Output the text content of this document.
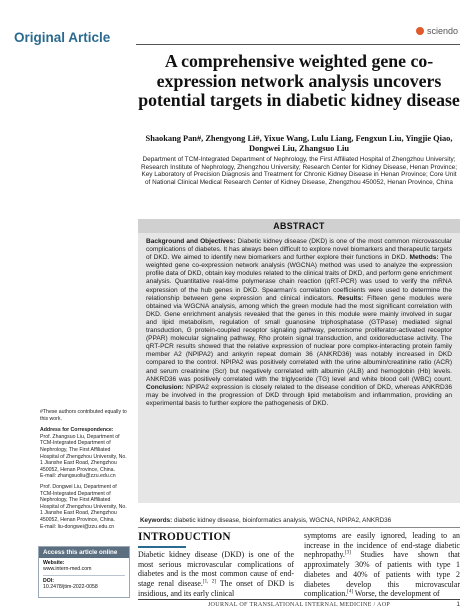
Original Article	sciendo
A comprehensive weighted gene co-expression network analysis uncovers potential targets in diabetic kidney disease
Shaokang Pan#, Zhengyong Li#, Yixue Wang, Lulu Liang, Fengxun Liu, Yingjie Qiao, Dongwei Liu, Zhangsuo Liu
Department of TCM-Integrated Department of Nephrology, the First Affiliated Hospital of Zhengzhou University; Research Institute of Nephrology, Zhengzhou University; Research Center for Kidney Disease, Henan Province; Key Laboratory of Precision Diagnosis and Treatment for Chronic Kidney Disease in Henan Province; Core Unit of National Clinical Medical Research Center of Kidney Disease, Zhengzhou 450052, Henan Province, China
ABSTRACT
Background and Objectives: Diabetic kidney disease (DKD) is one of the most common microvascular complications of diabetes. It has always been difficult to explore novel biomarkers and therapeutic targets of DKD. We aimed to identify new biomarkers and further explore their functions in DKD. Methods: The weighted gene co-expression network analysis (WGCNA) method was used to analyze the expression profile data of DKD, obtain key modules related to the clinical traits of DKD, and perform gene enrichment analysis. Quantitative real-time polymerase chain reaction (qRT-PCR) was used to verify the mRNA expression of the hub genes in DKD. Spearman’s correlation coefficients were used to determine the relationship between gene expression and clinical indicators. Results: Fifteen gene modules were obtained via WGCNA analysis, among which the green module had the most significant correlation with DKD. Gene enrichment analysis revealed that the genes in this module were mainly involved in sugar and lipid metabolism, regulation of small guanosine triphosphatase (GTPase) mediated signal transduction, G protein-coupled receptor signaling pathway, peroxisome proliferator-activated receptor (PPAR) molecular signaling pathway, Rho protein signal transduction, and oxidoreductase activity. The qRT-PCR results showed that the relative expression of nuclear pore complex-interacting protein family member A2 (NPIPA2) and ankyrin repeat domain 36 (ANKRD36) was notably increased in DKD compared to the control. NPIPA2 was positively correlated with the urine albumin/creatinine ratio (ACR) and serum creatinine (Scr) but negatively correlated with albumin (ALB) and hemoglobin (Hb) levels. ANKRD36 was positively correlated with the triglyceride (TG) level and white blood cell (WBC) count. Conclusion: NPIPA2 expression is closely related to the disease condition of DKD, whereas ANKRD36 may be involved in the progression of DKD through lipid metabolism and inflammation, providing an experimental basis to further explore the pathogenesis of DKD.
Keywords: diabetic kidney disease, bioinformatics analysis, WGCNA, NPIPA2, ANKRD36
#These authors contributed equally to this work.
Address for Correspondence:
Prof. Zhangsuo Liu, Department of TCM-Integrated Department of Nephrology, The First Affiliated Hospital of Zhengzhou University, No. 1 Jianshe East Road, Zhengzhou 450052, Henan Province, China.
E-mail: zhangsuoliu@zzu.edu.cn
Prof. Dongwei Liu, Department of TCM-Integrated Department of Nephrology, The First Affiliated Hospital of Zhengzhou University, No. 1 Jianshe East Road, Zhengzhou 450052, Henan Province, China.
E-mail: liu-dongwei@zzu.edu.cn
Access this article online
Website:
www.intern-med.com
DOI:
10.2478/jtim-2022-0058
INTRODUCTION

Diabetic kidney disease (DKD) is one of the most serious microvascular complications of diabetes and is the most common cause of end-stage renal disease.[1, 2] The onset of DKD is insidious, and its early clinical

symptoms are easily ignored, leading to an increase in the incidence of end-stage diabetic nephropathy.[3] Studies have shown that approximately 30% of patients with type 1 diabetes and 40% of patients with type 2 diabetes develop this microvascular complication.[4] Worse, the development of

JOURNAL OF TRANSLATIONAL INTERNAL MEDICINE / AOP	1
